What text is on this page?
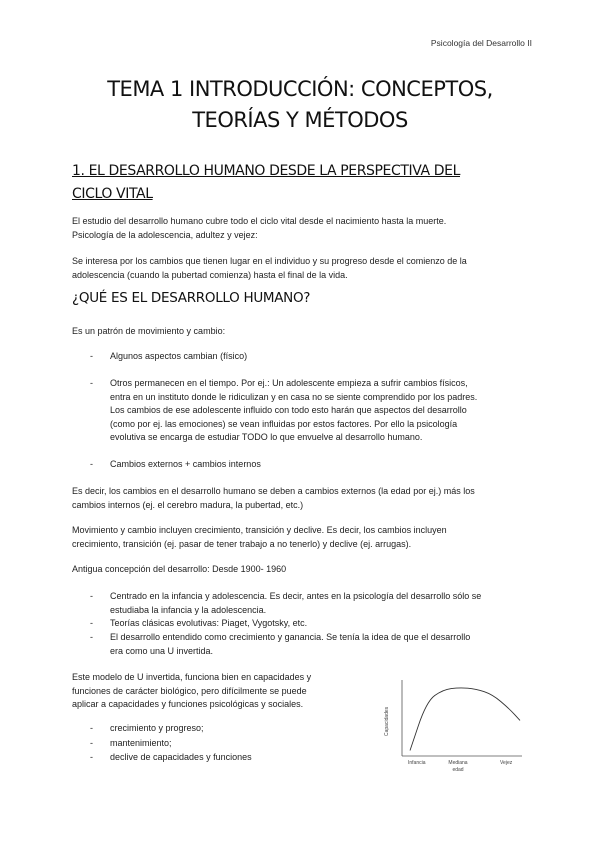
Psicología del Desarrollo II
TEMA 1 INTRODUCCIÓN: CONCEPTOS,
TEORÍAS Y MÉTODOS
1. EL DESARROLLO HUMANO DESDE LA PERSPECTIVA DEL
CICLO VITAL
El estudio del desarrollo humano cubre todo el ciclo vital desde el nacimiento hasta la muerte.
Psicología de la adolescencia, adultez y vejez:
Se interesa por los cambios que tienen lugar en el individuo y su progreso desde el comienzo de la
adolescencia (cuando la pubertad comienza) hasta el final de la vida.
¿QUÉ ES EL DESARROLLO HUMANO?
Es un patrón de movimiento y cambio:
- Algunos aspectos cambian (físico)
- Otros permanecen en el tiempo. Por ej.: Un adolescente empieza a sufrir cambios físicos,
entra en un instituto donde le ridiculizan y en casa no se siente comprendido por los padres.
Los cambios de ese adolescente influido con todo esto harán que aspectos del desarrollo
(como por ej. las emociones) se vean influidas por estos factores. Por ello la psicología
evolutiva se encarga de estudiar TODO lo que envuelve al desarrollo humano.
- Cambios externos + cambios internos
Es decir, los cambios en el desarrollo humano se deben a cambios externos (la edad por ej.) más los
cambios internos (ej. el cerebro madura, la pubertad, etc.)
Movimiento y cambio incluyen crecimiento, transición y declive. Es decir, los cambios incluyen
crecimiento, transición (ej. pasar de tener trabajo a no tenerlo) y declive (ej. arrugas).
Antigua concepción del desarrollo: Desde 1900- 1960
- Centrado en la infancia y adolescencia. Es decir, antes en la psicología del desarrollo sólo se
estudiaba la infancia y la adolescencia.
- Teorías clásicas evolutivas: Piaget, Vygotsky, etc.
- El desarrollo entendido como crecimiento y ganancia. Se tenía la idea de que el desarrollo
era como una U invertida.
Este modelo de U invertida, funciona bien en capacidades y
funciones de carácter biológico, pero difícilmente se puede
aplicar a capacidades y funciones psicológicas y sociales.
- crecimiento y progreso;
- mantenimiento;
- declive de capacidades y funciones
Capacidades
Infancia	Mediana
edad
Vejez
